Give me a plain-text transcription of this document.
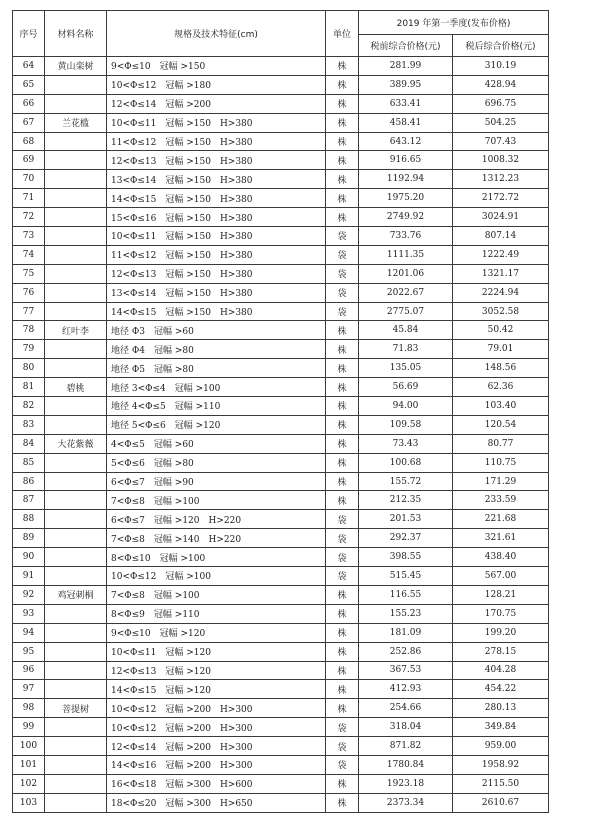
序号	材料名称	规格及技术特征(cm)	单位	2019 年第一季度(发布价格)	
				税前综合价格(元)	税后综合价格(元)
64	黄山栾树	9<Φ≤10　冠幅 >150	株	281.99	310.19
65		10<Φ≤12　冠幅 >180	株	389.95	428.94
66		12<Φ≤14　冠幅 >200	株	633.41	696.75
67	兰花槛	10<Φ≤11　冠幅 >150　H>380	株	458.41	504.25
68		11<Φ≤12　冠幅 >150　H>380	株	643.12	707.43
69		12<Φ≤13　冠幅 >150　H>380	株	916.65	1008.32
70		13<Φ≤14　冠幅 >150　H>380	株	1192.94	1312.23
71		14<Φ≤15　冠幅 >150　H>380	株	1975.20	2172.72
72		15<Φ≤16　冠幅 >150　H>380	株	2749.92	3024.91
73		10<Φ≤11　冠幅 >150　H>380	袋	733.76	807.14
74		11<Φ≤12　冠幅 >150　H>380	袋	1111.35	1222.49
75		12<Φ≤13　冠幅 >150　H>380	袋	1201.06	1321.17
76		13<Φ≤14　冠幅 >150　H>380	袋	2022.67	2224.94
77		14<Φ≤15　冠幅 >150　H>380	袋	2775.07	3052.58
78	红叶李	地径 Φ3　冠幅 >60	株	45.84	50.42
79		地径 Φ4　冠幅 >80	株	71.83	79.01
80		地径 Φ5　冠幅 >80	株	135.05	148.56
81	碧桃	地径 3<Φ≤4　冠幅 >100	株	56.69	62.36
82		地径 4<Φ≤5　冠幅 >110	株	94.00	103.40
83		地径 5<Φ≤6　冠幅 >120	株	109.58	120.54
84	大花紫薇	4<Φ≤5　冠幅 >60	株	73.43	80.77
85		5<Φ≤6　冠幅 >80	株	100.68	110.75
86		6<Φ≤7　冠幅 >90	株	155.72	171.29
87		7<Φ≤8　冠幅 >100	株	212.35	233.59
88		6<Φ≤7　冠幅 >120　H>220	袋	201.53	221.68
89		7<Φ≤8　冠幅 >140　H>220	袋	292.37	321.61
90		8<Φ≤10　冠幅 >100	袋	398.55	438.40
91		10<Φ≤12　冠幅 >100	袋	515.45	567.00
92	鸡冠刺桐	7<Φ≤8　冠幅 >100	株	116.55	128.21
93		8<Φ≤9　冠幅 >110	株	155.23	170.75
94		9<Φ≤10　冠幅 >120	株	181.09	199.20
95		10<Φ≤11　冠幅 >120	株	252.86	278.15
96		12<Φ≤13　冠幅 >120	株	367.53	404.28
97		14<Φ≤15　冠幅 >120	株	412.93	454.22
98	菩提树	10<Φ≤12　冠幅 >200　H>300	株	254.66	280.13
99		10<Φ≤12　冠幅 >200　H>300	袋	318.04	349.84
100		12<Φ≤14　冠幅 >200　H>300	袋	871.82	959.00
101		14<Φ≤16　冠幅 >200　H>300	袋	1780.84	1958.92
102		16<Φ≤18　冠幅 >300　H>600	株	1923.18	2115.50
103		18<Φ≤20　冠幅 >300　H>650	株	2373.34	2610.67
